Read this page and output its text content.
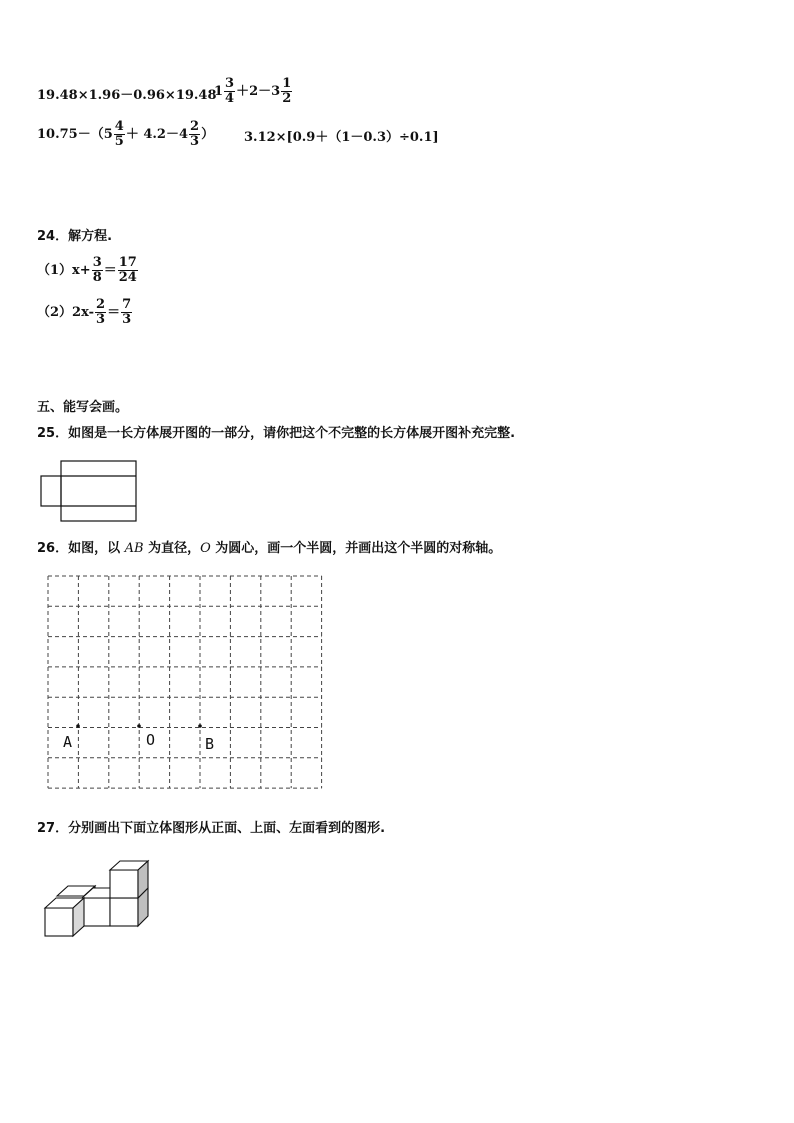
19.48×1.96－0.96×19.48
$1 \frac{3}{4} +2-3 \frac{1}{2}$
$10.75-(5 \frac{4}{5} + 4.2-4 \frac{2}{3}$ ） 3.12×[0.9＋（1－0.3）÷0.1]
24．解方程.
$(1)x+ \frac{3}{8} = \frac{17}{24}$
$(2)2x- \frac{2}{3} = \frac{7}{3}$
五、能写会画。
25．如图是一长方体展开图的一部分，请你把这个不完整的长方体展开图补充完整.
26．如图，以 AB 为直径，O 为圆心，画一个半圆，并画出这个半圆的对称轴。
A	O	B
27．分别画出下面立体图形从正面、上面、左面看到的图形.
